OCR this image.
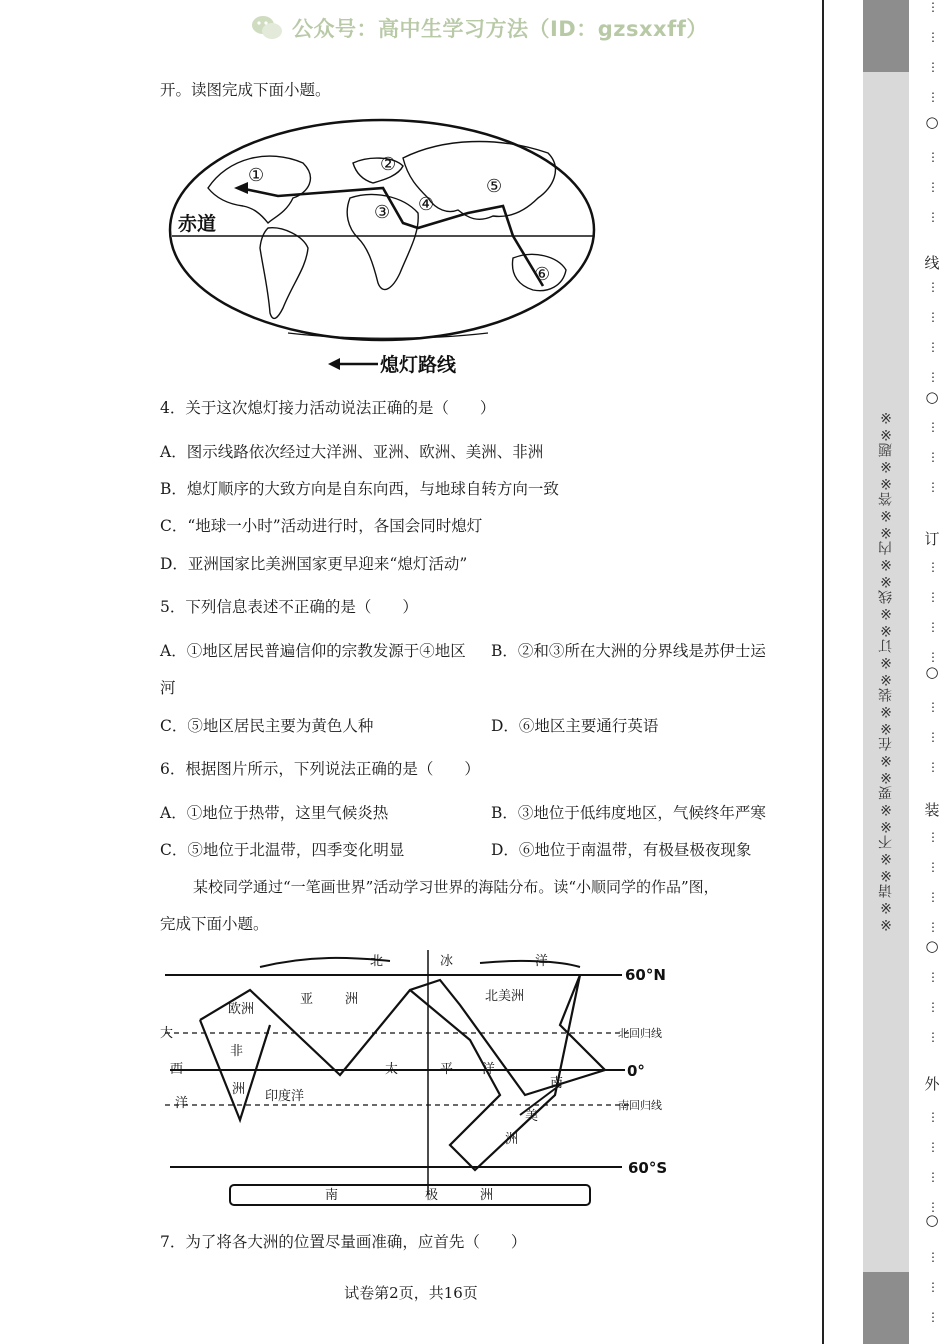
公众号：高中生学习方法（ID：gzsxxff）
开。读图完成下面小题。
①
②
③ ④
⑤
⑥
赤道
熄灯路线
4．关于这次熄灯接力活动说法正确的是（　　）
A．图示线路依次经过大洋洲、亚洲、欧洲、美洲、非洲
B．熄灯顺序的大致方向是自东向西，与地球自转方向一致
C．“地球一小时”活动进行时，各国会同时熄灯
D．亚洲国家比美洲国家更早迎来“熄灯活动”
5．下列信息表述不正确的是（　　）
A．①地区居民普遍信仰的宗教发源于④地区 B．②和③所在大洲的分界线是苏伊士运
河
C．⑤地区居民主要为黄色人种	D．⑥地区主要通行英语
6．根据图片所示，下列说法正确的是（　　）
A．①地位于热带，这里气候炎热	B．③地位于低纬度地区，气候终年严寒
C．⑤地位于北温带，四季变化明显	D．⑥地位于南温带，有极昼极夜现象
某校同学通过“一笔画世界”活动学习世界的海陆分布。读“小顺同学的作品”图，
完成下面小题。
60°N
0°
60°S
北	冰	洋
亚 洲
欧洲
北美洲
非
洲
太	平 洋
南
美
洲
印度洋
大
西
洋
南	极	洲
北回归线
南回归线
7．为了将各大洲的位置尽量画准确，应首先（　　）
试卷第2页，共16页
※※请※※不※※要※※在※※装※※订※※线※※内※※答※※题※※
⋮
⋮
⋮
⋮
⋮
⋮
⋮
⋮
⋮
⋮
⋮
⋮
⋮
⋮
⋮
⋮
⋮
⋮
⋮
⋮
⋮
⋮
⋮
⋮
⋮
⋮
⋮
⋮
⋮
⋮
⋮
⋮
⋮
⋮
⋮
○
线
○
订
○
装
○
外
○
